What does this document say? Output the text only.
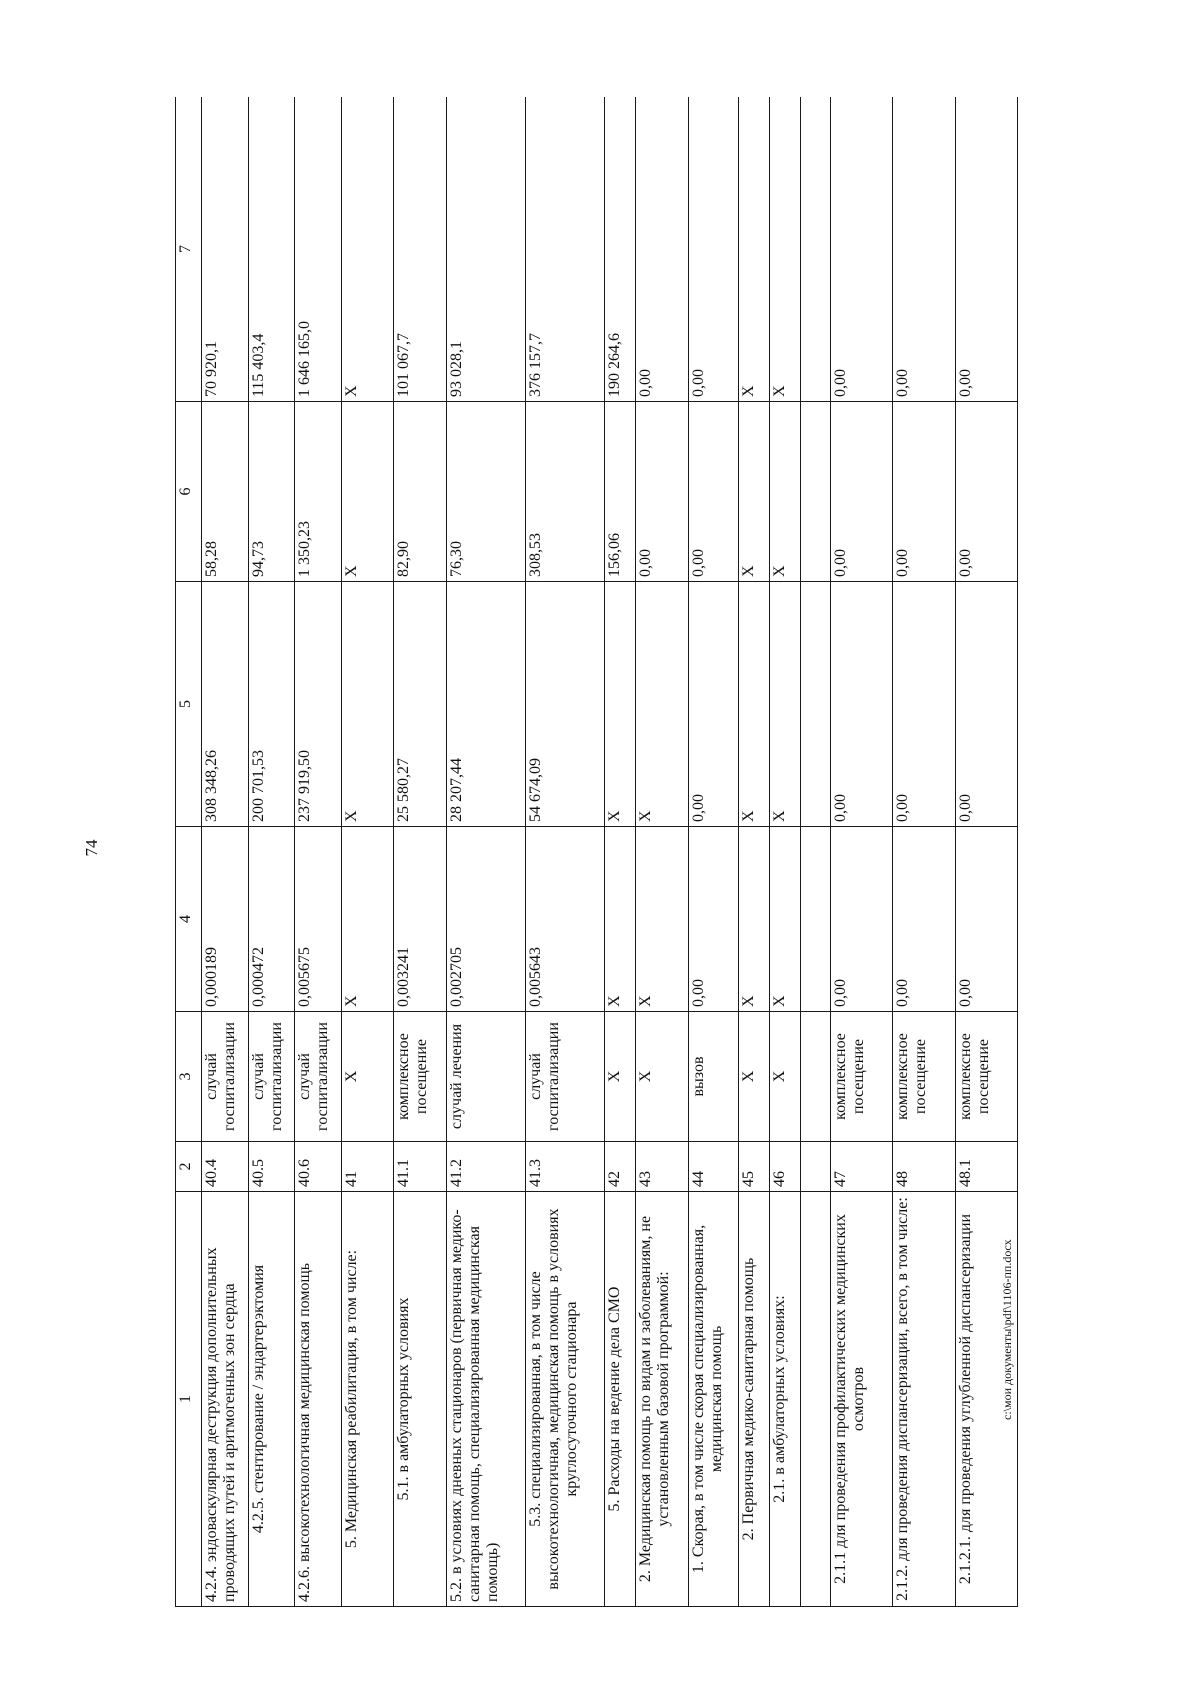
74
1	2	3	4	5	6	7
4.2.4. эндоваскулярная деструкция дополнительных проводящих путей и аритмогенных зон сердца	40.4	случай госпитализации	0,000189	308 348,26	58,28	70 920,1
4.2.5. стентирование / эндартерэктомия	40.5	случай госпитализации	0,000472	200 701,53	94,73	115 403,4
4.2.6. высокотехнологичная медицинская помощь	40.6	случай госпитализации	0,005675	237 919,50	1 350,23	1 646 165,0
5. Медицинская реабилитация, в том числе:	41	Х	Х	Х	Х	Х
5.1. в амбулаторных условиях	41.1	комплексное посещение	0,003241	25 580,27	82,90	101 067,7
5.2. в условиях дневных стационаров (первичная медико-санитарная помощь, специализированная медицинская помощь)	41.2	случай лечения	0,002705	28 207,44	76,30	93 028,1
5.3. специализированная, в том числе высокотехнологичная, медицинская помощь в условиях круглосуточного стационара	41.3	случай госпитализации	0,005643	54 674,09	308,53	376 157,7
5. Расходы на ведение дела СМО	42	Х	Х	Х	156,06	190 264,6
2. Медицинская помощь по видам и заболеваниям, не установленным базовой программой:	43	Х	Х	Х	0,00	0,00
1. Скорая, в том числе скорая специализированная, медицинская помощь	44	вызов	0,00	0,00	0,00	0,00
2. Первичная медико-санитарная помощь	45	Х	Х	Х	Х	Х
2.1. в амбулаторных условиях:	46	Х	Х	Х	Х	Х

2.1.1 для проведения профилактических медицинских осмотров	47	комплексное посещение	0,00	0,00	0,00	0,00
2.1.2. для проведения диспансеризации, всего, в том числе:	48	комплексное посещение	0,00	0,00	0,00	0,00
2.1.2.1. для проведения углубленной диспансеризации	48.1	комплексное посещение	0,00	0,00	0,00	0,00
c:\мои документы\pdf\1106-пп.docx
